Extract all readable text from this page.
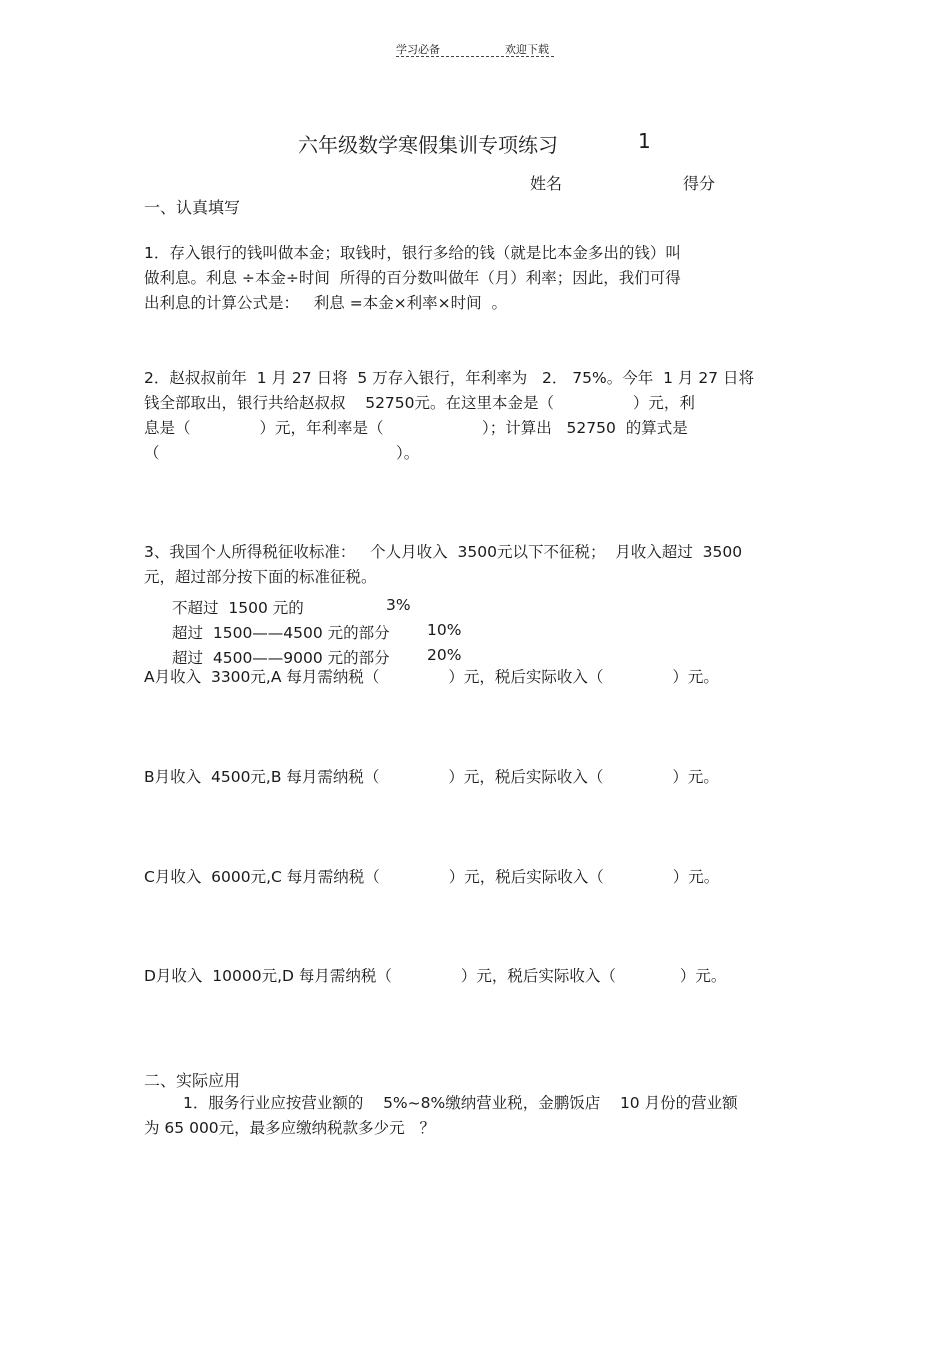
学习必备	欢迎下载
六年级数学寒假集训专项练习	1
姓名	得分
一、认真填写
1．存入银行的钱叫做本金；取钱时，银行多给的钱（就是比本金多出的钱）叫
做利息。利息 ÷本金÷时间  所得的百分数叫做年（月）利率；因此，我们可得
出利息的计算公式是：   利息 =本金×利率×时间  。
2．赵叔叔前年  1 月 27 日将  5 万存入银行，年利率为   2． 75%。今年  1 月 27 日将
钱全部取出，银行共给赵叔叔    52750元。在这里本金是（                ）元，利
息是（              ）元，年利率是（                    ）；计算出   52750  的算式是
（                                                ）。
3、我国个人所得税征收标准：   个人月收入  3500元以下不征税；  月收入超过  3500
元，超过部分按下面的标准征税。
不超过  1500 元的	3%
超过  1500——4500 元的部分 10%
超过  4500——9000 元的部分 20%
A月收入  3300元,A 每月需纳税（              ）元，税后实际收入（              ）元。
B月收入  4500元,B 每月需纳税（              ）元，税后实际收入（              ）元。
C月收入  6000元,C 每月需纳税（              ）元，税后实际收入（              ）元。
D月收入  10000元,D 每月需纳税（              ）元，税后实际收入（             ）元。
二、实际应用
1．服务行业应按营业额的    5%~8%缴纳营业税，金鹏饭店    10 月份的营业额
为 65 000元，最多应缴纳税款多少元   ？
